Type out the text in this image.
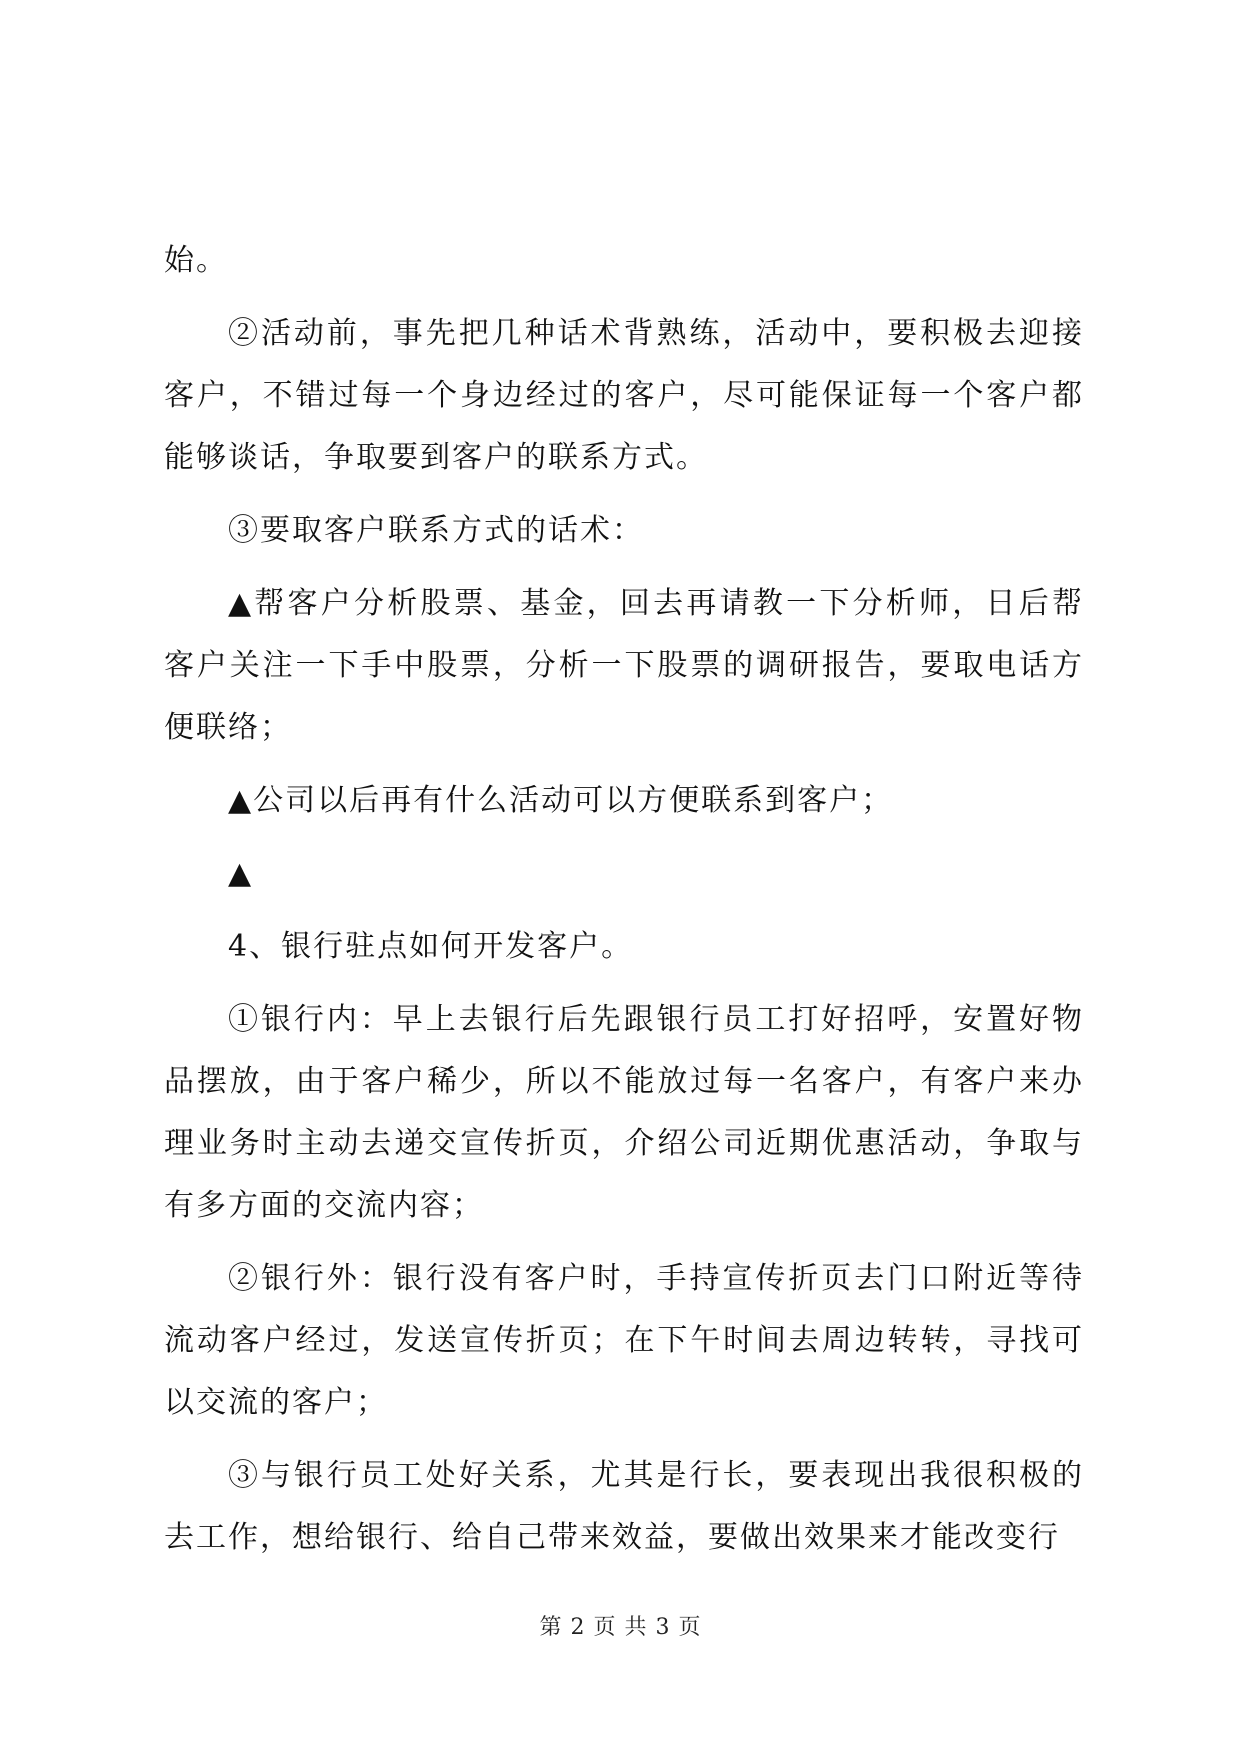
始。

②活动前，事先把几种话术背熟练，活动中，要积极去迎接客户，不错过每一个身边经过的客户，尽可能保证每一个客户都能够谈话，争取要到客户的联系方式。

③要取客户联系方式的话术：

▲帮客户分析股票、基金，回去再请教一下分析师，日后帮客户关注一下手中股票，分析一下股票的调研报告，要取电话方便联络；

▲公司以后再有什么活动可以方便联系到客户；

▲

4、银行驻点如何开发客户。

①银行内：早上去银行后先跟银行员工打好招呼，安置好物品摆放，由于客户稀少，所以不能放过每一名客户，有客户来办理业务时主动去递交宣传折页，介绍公司近期优惠活动，争取与有多方面的交流内容；

②银行外：银行没有客户时，手持宣传折页去门口附近等待流动客户经过，发送宣传折页；在下午时间去周边转转，寻找可以交流的客户；

③与银行员工处好关系，尤其是行长，要表现出我很积极的去工作，想给银行、给自己带来效益，要做出效果来才能改变行

第 2 页 共 3 页
